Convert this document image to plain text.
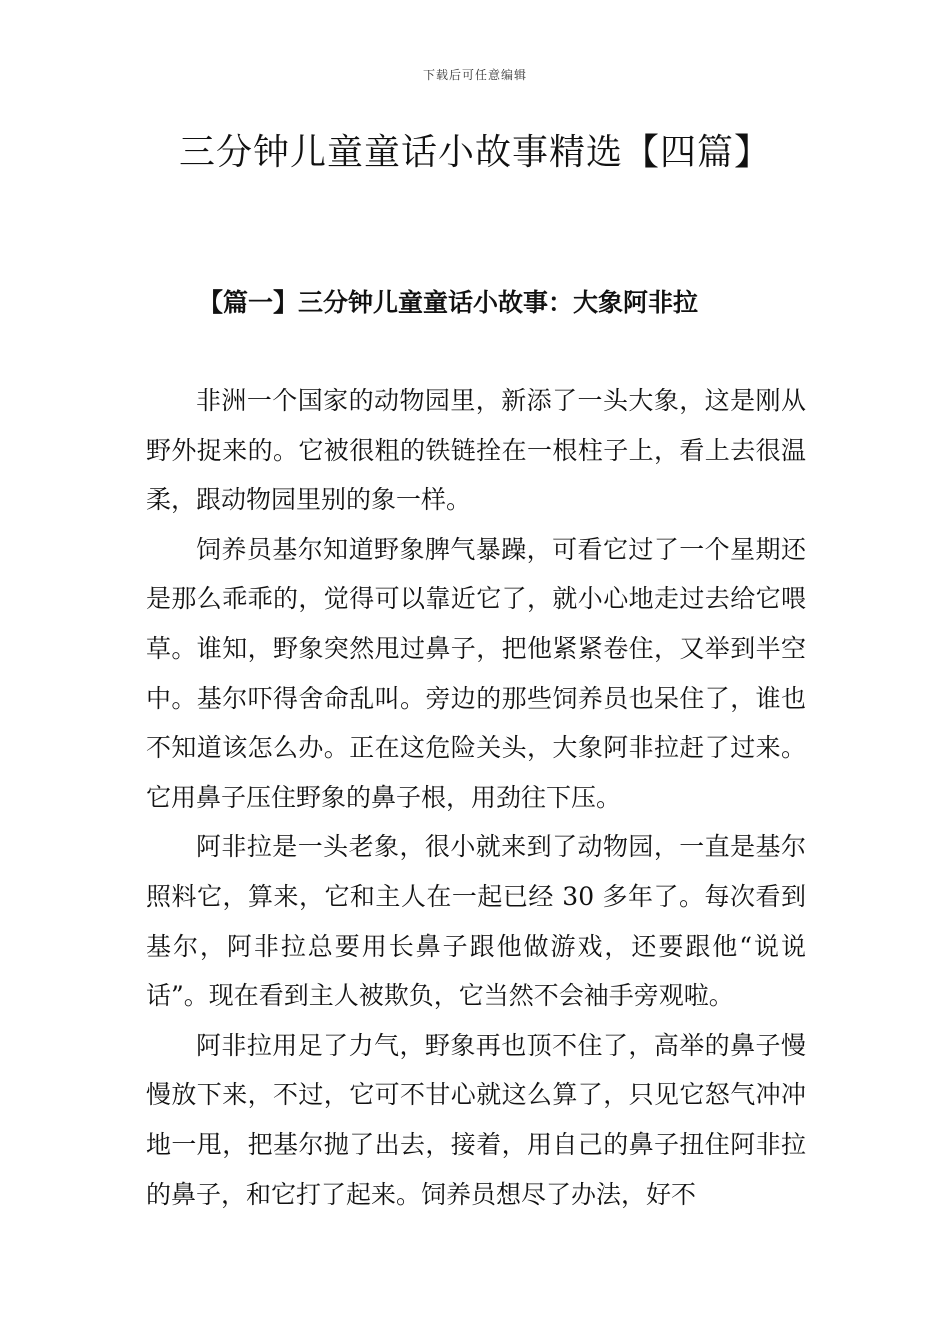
下载后可任意编辑
三分钟儿童童话小故事精选【四篇】
【篇一】三分钟儿童童话小故事：大象阿非拉

非洲一个国家的动物园里，新添了一头大象，这是刚从野外捉来的。它被很粗的铁链拴在一根柱子上，看上去很温柔，跟动物园里别的象一样。

饲养员基尔知道野象脾气暴躁，可看它过了一个星期还是那么乖乖的，觉得可以靠近它了，就小心地走过去给它喂草。谁知，野象突然甩过鼻子，把他紧紧卷住，又举到半空中。基尔吓得舍命乱叫。旁边的那些饲养员也呆住了，谁也不知道该怎么办。正在这危险关头，大象阿非拉赶了过来。它用鼻子压住野象的鼻子根，用劲往下压。

阿非拉是一头老象，很小就来到了动物园，一直是基尔照料它，算来，它和主人在一起已经 30 多年了。每次看到基尔，阿非拉总要用长鼻子跟他做游戏，还要跟他“说说话”。现在看到主人被欺负，它当然不会袖手旁观啦。

阿非拉用足了力气，野象再也顶不住了，高举的鼻子慢慢放下来，不过，它可不甘心就这么算了，只见它怒气冲冲地一甩，把基尔抛了出去，接着，用自己的鼻子扭住阿非拉的鼻子，和它打了起来。饲养员想尽了办法，好不
